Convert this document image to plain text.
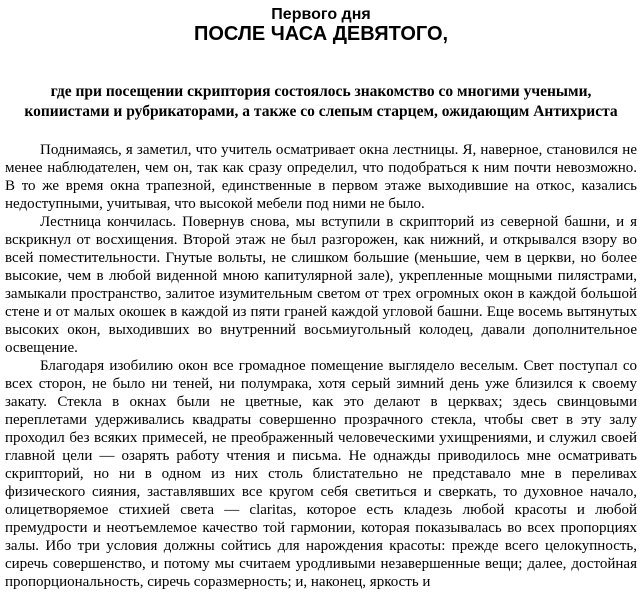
Первого дня
ПОСЛЕ ЧАСА ДЕВЯТОГО,
где при посещении скриптория состоялось знакомство со многими учеными,
копиистами и рубрикаторами, а также со слепым старцем, ожидающим Антихриста

Поднимаясь, я заметил, что учитель осматривает окна лестницы. Я, наверное, становился не менее наблюдателен, чем он, так как сразу определил, что подобраться к ним почти невозможно. В то же время окна трапезной, единственные в первом этаже выходившие на откос, казались недоступными, учитывая, что высокой мебели под ними не было.

Лестница кончилась. Повернув снова, мы вступили в скрипторий из северной башни, и я вскрикнул от восхищения. Второй этаж не был разгорожен, как нижний, и открывался взору во всей поместительности. Гнутые вольты, не слишком большие (меньшие, чем в церкви, но более высокие, чем в любой виденной мною капитулярной зале), укрепленные мощными пилястрами, замыкали пространство, залитое изумительным светом от трех огромных окон в каждой большой стене и от малых окошек в каждой из пяти граней каждой угловой башни. Еще восемь вытянутых высоких окон, выходивших во внутренний восьмиугольный колодец, давали дополнительное освещение.

Благодаря изобилию окон все громадное помещение выглядело веселым. Свет поступал со всех сторон, не было ни теней, ни полумрака, хотя серый зимний день уже близился к своему закату. Стекла в окнах были не цветные, как это делают в церквах; здесь свинцовыми переплетами удерживались квадраты совершенно прозрачного стекла, чтобы свет в эту залу проходил без всяких примесей, не преображенный человеческими ухищрениями, и служил своей главной цели — озарять работу чтения и письма. Не однажды приводилось мне осматривать скрипторий, но ни в одном из них столь блистательно не представало мне в переливах физического сияния, заставлявших все кругом себя светиться и сверкать, то духовное начало, олицетворяемое стихией света — claritas, которое есть кладезь любой красоты и любой премудрости и неотъемлемое качество той гармонии, которая показывалась во всех пропорциях залы. Ибо три условия должны сойтись для нарождения красоты: прежде всего целокупность, сиречь совершенство, и потому мы считаем уродливыми незавершенные вещи; далее, достойная пропорциональность, сиречь соразмерность; и, наконец, яркость и
